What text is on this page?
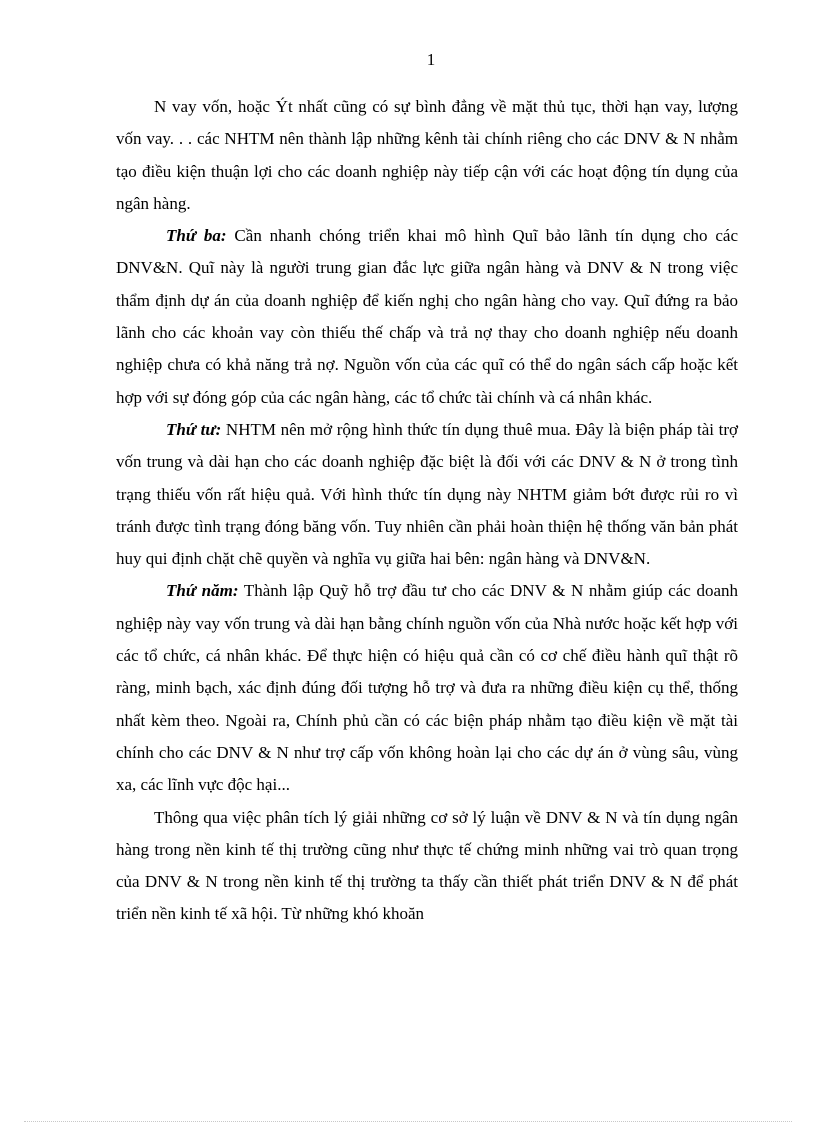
1

N vay vốn, hoặc Ýt nhất cũng có sự bình đẳng về mặt thủ tục, thời hạn vay, lượng vốn vay. . . các NHTM nên thành lập những kênh tài chính riêng cho các DNV & N nhằm tạo điều kiện thuận lợi cho các doanh nghiệp này tiếp cận với các hoạt động tín dụng của ngân hàng.

Thứ ba: Cần nhanh chóng triển khai mô hình Quĩ bảo lãnh tín dụng cho các DNV&N. Quĩ này là người trung gian đắc lực giữa ngân hàng và DNV & N trong việc thẩm định dự án của doanh nghiệp để kiến nghị cho ngân hàng cho vay. Quĩ đứng ra bảo lãnh cho các khoản vay còn thiếu thế chấp và trả nợ thay cho doanh nghiệp nếu doanh nghiệp chưa có khả năng trả nợ. Nguồn vốn của các quĩ có thể do ngân sách cấp hoặc kết hợp với sự đóng góp của các ngân hàng, các tổ chức tài chính và cá nhân khác.

Thứ tư: NHTM nên mở rộng hình thức tín dụng thuê mua. Đây là biện pháp tài trợ vốn trung và dài hạn cho các doanh nghiệp đặc biệt là đối với các DNV & N ở trong tình trạng thiếu vốn rất hiệu quả. Với hình thức tín dụng này NHTM giảm bớt được rủi ro vì tránh được tình trạng đóng băng vốn. Tuy nhiên cần phải hoàn thiện hệ thống văn bản phát huy qui định chặt chẽ quyền và nghĩa vụ giữa hai bên: ngân hàng và DNV&N.

Thứ năm: Thành lập Quỹ hỗ trợ đầu tư cho các DNV & N nhằm giúp các doanh nghiệp này vay vốn trung và dài hạn bằng chính nguồn vốn của Nhà nước hoặc kết hợp với các tổ chức, cá nhân khác. Để thực hiện có hiệu quả cần có cơ chế điều hành quĩ thật rõ ràng, minh bạch, xác định đúng đối tượng hỗ trợ và đưa ra những điều kiện cụ thể, thống nhất kèm theo. Ngoài ra, Chính phủ cần có các biện pháp nhằm tạo điều kiện về mặt tài chính cho các DNV & N như trợ cấp vốn không hoàn lại cho các dự án ở vùng sâu, vùng xa, các lĩnh vực độc hại...

Thông qua việc phân tích lý giải những cơ sở lý luận về DNV & N và tín dụng ngân hàng trong nền kinh tế thị trường cũng như thực tế chứng minh những vai trò quan trọng của DNV & N trong nền kinh tế thị trường ta thấy cần thiết phát triển DNV & N để phát triển nền kinh tế xã hội. Từ những khó khoăn
